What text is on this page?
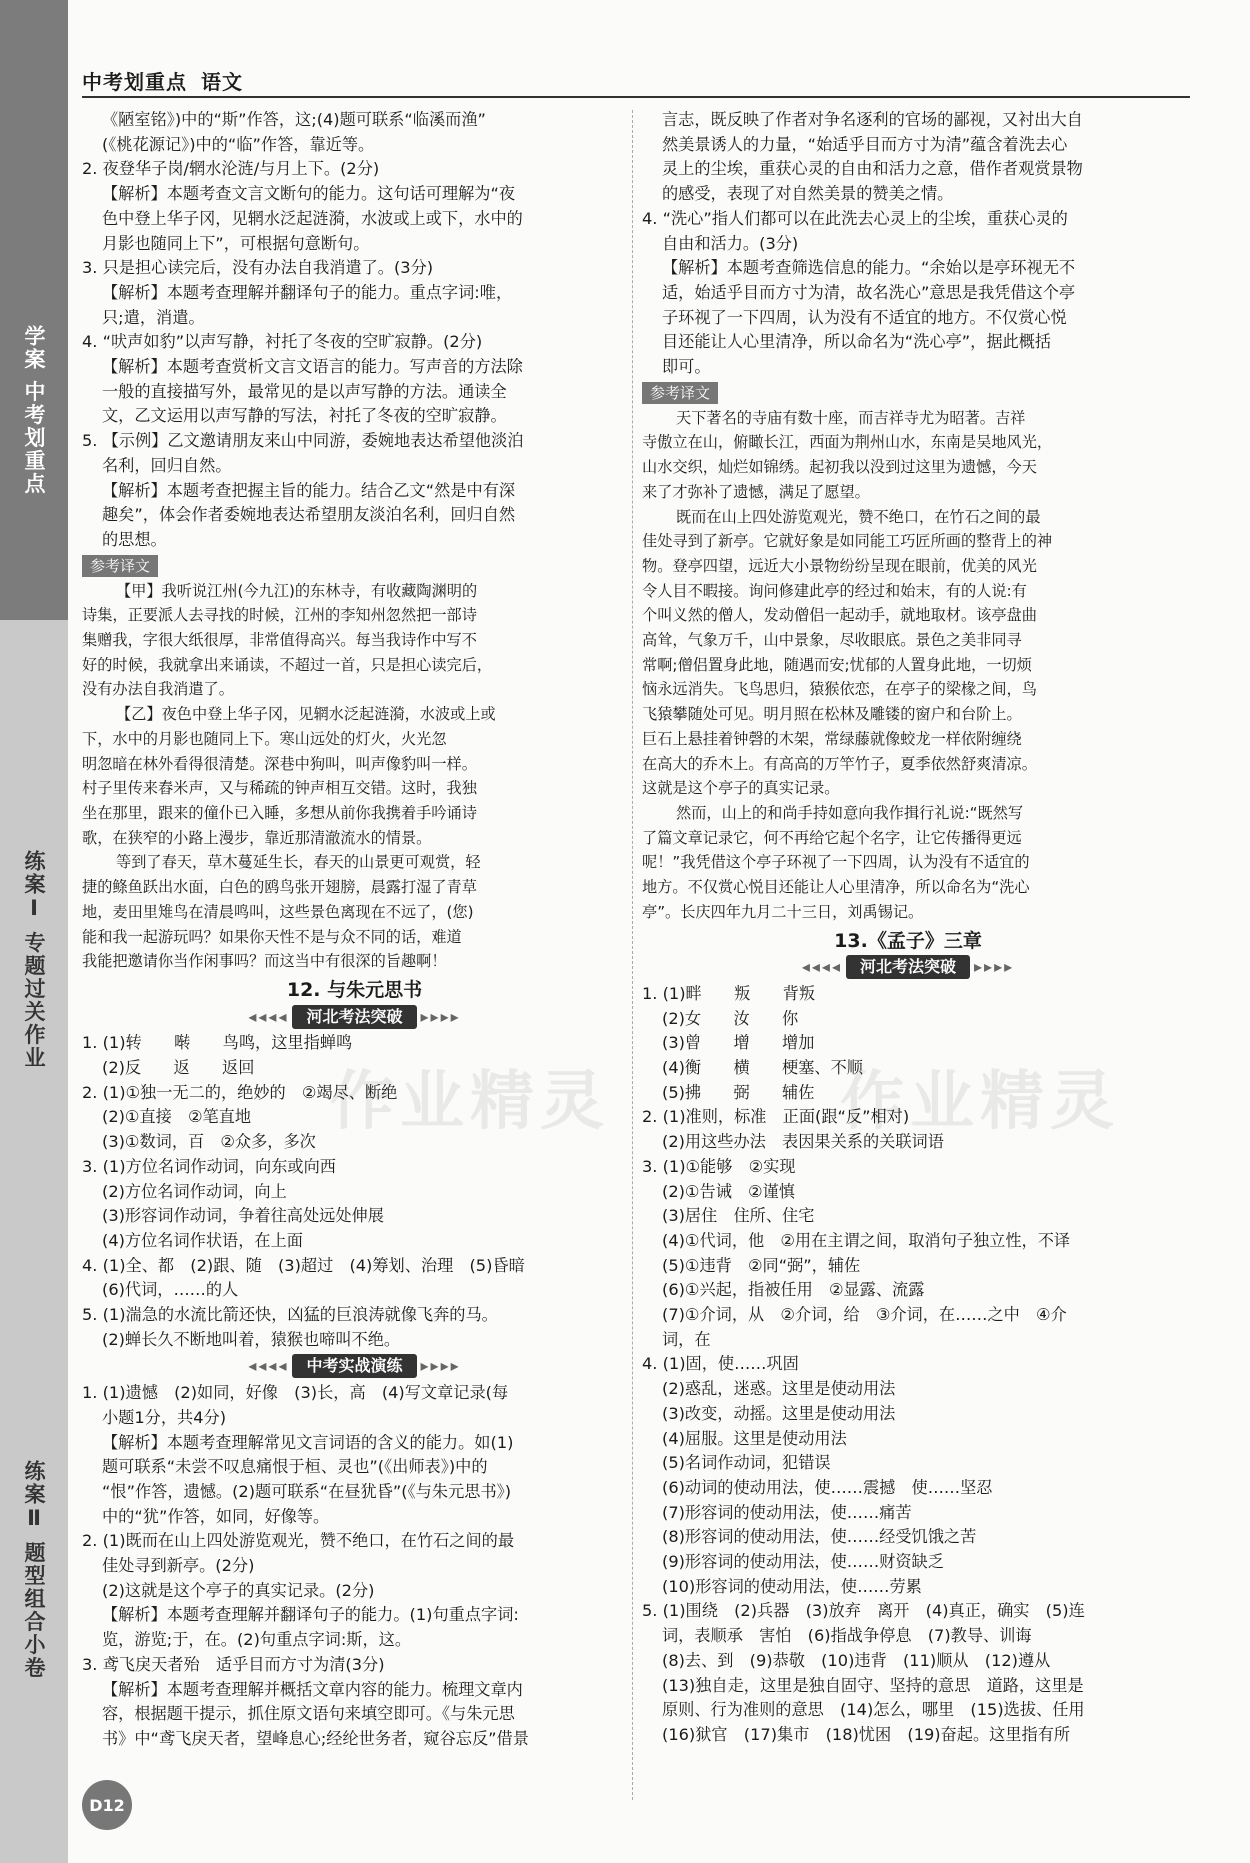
学案 中考划重点
练案Ⅰ 专题过关作业
练案Ⅱ 题型组合小卷
中考划重点 语文
《陋室铭》)中的“斯”作答，这;(4)题可联系“临溪而渔”
(《桃花源记》)中的“临”作答，靠近等。
2. 夜登华子岗/辋水沦涟/与月上下。(2分)
【解析】本题考查文言文断句的能力。这句话可理解为“夜
色中登上华子冈，见辋水泛起涟漪，水波或上或下，水中的
月影也随同上下”，可根据句意断句。
3. 只是担心读完后，没有办法自我消遣了。(3分)
【解析】本题考查理解并翻译句子的能力。重点字词:唯，
只;遣，消遣。
4. “吠声如豹”以声写静，衬托了冬夜的空旷寂静。(2分)
【解析】本题考查赏析文言文语言的能力。写声音的方法除
一般的直接描写外，最常见的是以声写静的方法。通读全
文，乙文运用以声写静的写法，衬托了冬夜的空旷寂静。
5. 【示例】乙文邀请朋友来山中同游，委婉地表达希望他淡泊
名利，回归自然。
【解析】本题考查把握主旨的能力。结合乙文“然是中有深
趣矣”，体会作者委婉地表达希望朋友淡泊名利，回归自然
的思想。
参考译文
【甲】我听说江州(今九江)的东林寺，有收藏陶渊明的
诗集，正要派人去寻找的时候，江州的李知州忽然把一部诗
集赠我，字很大纸很厚，非常值得高兴。每当我诗作中写不
好的时候，我就拿出来诵读，不超过一首，只是担心读完后，
没有办法自我消遣了。
【乙】夜色中登上华子冈，见辋水泛起涟漪，水波或上或
下，水中的月影也随同上下。寒山远处的灯火，火光忽
明忽暗在林外看得很清楚。深巷中狗叫，叫声像豹叫一样。
村子里传来舂米声，又与稀疏的钟声相互交错。这时，我独
坐在那里，跟来的僮仆已入睡，多想从前你我携着手吟诵诗
歌，在狭窄的小路上漫步，靠近那清澈流水的情景。
等到了春天，草木蔓延生长，春天的山景更可观赏，轻
捷的鲦鱼跃出水面，白色的鸥鸟张开翅膀，晨露打湿了青草
地，麦田里雉鸟在清晨鸣叫，这些景色离现在不远了，(您)
能和我一起游玩吗？如果你天性不是与众不同的话，难道
我能把邀请你当作闲事吗？而这当中有很深的旨趣啊！
12. 与朱元思书
◂◂◂◂ 河北考法突破 ▸▸▸▸
1. (1)转　　啭　　鸟鸣，这里指蝉鸣
(2)反　　返　　返回
2. (1)①独一无二的，绝妙的　②竭尽、断绝
(2)①直接　②笔直地
(3)①数词，百　②众多，多次
3. (1)方位名词作动词，向东或向西
(2)方位名词作动词，向上
(3)形容词作动词，争着往高处远处伸展
(4)方位名词作状语，在上面
4. (1)全、都　(2)跟、随　(3)超过　(4)筹划、治理　(5)昏暗
(6)代词，……的人
5. (1)湍急的水流比箭还快，凶猛的巨浪涛就像飞奔的马。
(2)蝉长久不断地叫着，猿猴也啼叫不绝。
◂◂◂◂ 中考实战演练 ▸▸▸▸
1. (1)遗憾　(2)如同，好像　(3)长，高　(4)写文章记录(每
小题1分，共4分)
【解析】本题考查理解常见文言词语的含义的能力。如(1)
题可联系“未尝不叹息痛恨于桓、灵也”(《出师表》)中的
“恨”作答，遗憾。(2)题可联系“在昼犹昏”(《与朱元思书》)
中的“犹”作答，如同，好像等。
2. (1)既而在山上四处游览观光，赞不绝口，在竹石之间的最
佳处寻到新亭。(2分)
(2)这就是这个亭子的真实记录。(2分)
【解析】本题考查理解并翻译句子的能力。(1)句重点字词:
览，游览;于，在。(2)句重点字词:斯，这。
3. 鸢飞戾天者殆　适乎目而方寸为清(3分)
【解析】本题考查理解并概括文章内容的能力。梳理文章内
容，根据题干提示，抓住原文语句来填空即可。《与朱元思
书》中“鸢飞戾天者，望峰息心;经纶世务者，窥谷忘反”借景
言志，既反映了作者对争名逐利的官场的鄙视，又衬出大自
然美景诱人的力量，“始适乎目而方寸为清”蕴含着洗去心
灵上的尘埃，重获心灵的自由和活力之意，借作者观赏景物
的感受，表现了对自然美景的赞美之情。
4. “洗心”指人们都可以在此洗去心灵上的尘埃，重获心灵的
自由和活力。(3分)
【解析】本题考查筛选信息的能力。“余始以是亭环视无不
适，始适乎目而方寸为清，故名洗心”意思是我凭借这个亭
子环视了一下四周，认为没有不适宜的地方。不仅赏心悦
目还能让人心里清净，所以命名为“洗心亭”，据此概括
即可。
参考译文
天下著名的寺庙有数十座，而吉祥寺尤为昭著。吉祥
寺傲立在山，俯瞰长江，西面为荆州山水，东南是吴地风光，
山水交织，灿烂如锦绣。起初我以没到过这里为遗憾，今天
来了才弥补了遗憾，满足了愿望。
既而在山上四处游览观光，赞不绝口，在竹石之间的最
佳处寻到了新亭。它就好象是如同能工巧匠所画的整背上的神
物。登亭四望，远近大小景物纷纷呈现在眼前，优美的风光
令人目不暇接。询问修建此亭的经过和始末，有的人说:有
个叫义然的僧人，发动僧侣一起动手，就地取材。该亭盘曲
高耸，气象万千，山中景象，尽收眼底。景色之美非同寻
常啊;僧侣置身此地，随遇而安;忧郁的人置身此地，一切烦
恼永远消失。飞鸟思归，猿猴依恋，在亭子的梁椽之间，鸟
飞猿攀随处可见。明月照在松林及雕镂的窗户和台阶上。
巨石上悬挂着钟磬的木架，常绿藤就像蛟龙一样依附缠绕
在高大的乔木上。有高高的万竿竹子，夏季依然舒爽清凉。
这就是这个亭子的真实记录。
然而，山上的和尚手持如意向我作揖行礼说:“既然写
了篇文章记录它，何不再给它起个名字，让它传播得更远
呢！”我凭借这个亭子环视了一下四周，认为没有不适宜的
地方。不仅赏心悦目还能让人心里清净，所以命名为“洗心
亭”。长庆四年九月二十三日，刘禹锡记。
13.《孟子》三章
◂◂◂◂ 河北考法突破 ▸▸▸▸
1. (1)畔　　叛　　背叛
(2)女　　汝　　你
(3)曾　　增　　增加
(4)衡　　横　　梗塞、不顺
(5)拂　　弼　　辅佐
2. (1)准则，标准　正面(跟“反”相对)
(2)用这些办法　表因果关系的关联词语
3. (1)①能够　②实现
(2)①告诫　②谨慎
(3)居住　住所、住宅
(4)①代词，他　②用在主谓之间，取消句子独立性，不译
(5)①违背　②同“弼”，辅佐
(6)①兴起，指被任用　②显露、流露
(7)①介词，从　②介词，给　③介词，在……之中　④介
词，在
4. (1)固，使……巩固
(2)惑乱，迷惑。这里是使动用法
(3)改变，动摇。这里是使动用法
(4)屈服。这里是使动用法
(5)名词作动词，犯错误
(6)动词的使动用法，使……震撼　使……坚忍
(7)形容词的使动用法，使……痛苦
(8)形容词的使动用法，使……经受饥饿之苦
(9)形容词的使动用法，使……财资缺乏
(10)形容词的使动用法，使……劳累
5. (1)围绕　(2)兵器　(3)放弃　离开　(4)真正，确实　(5)连
词，表顺承　害怕　(6)指战争停息　(7)教导、训诲
(8)去、到　(9)恭敬　(10)违背　(11)顺从　(12)遵从
(13)独自走，这里是独自固守、坚持的意思　道路，这里是
原则、行为准则的意思　(14)怎么，哪里　(15)选拔、任用
(16)狱官　(17)集市　(18)忧困　(19)奋起。这里指有所
作业精灵	作业精灵
D12
